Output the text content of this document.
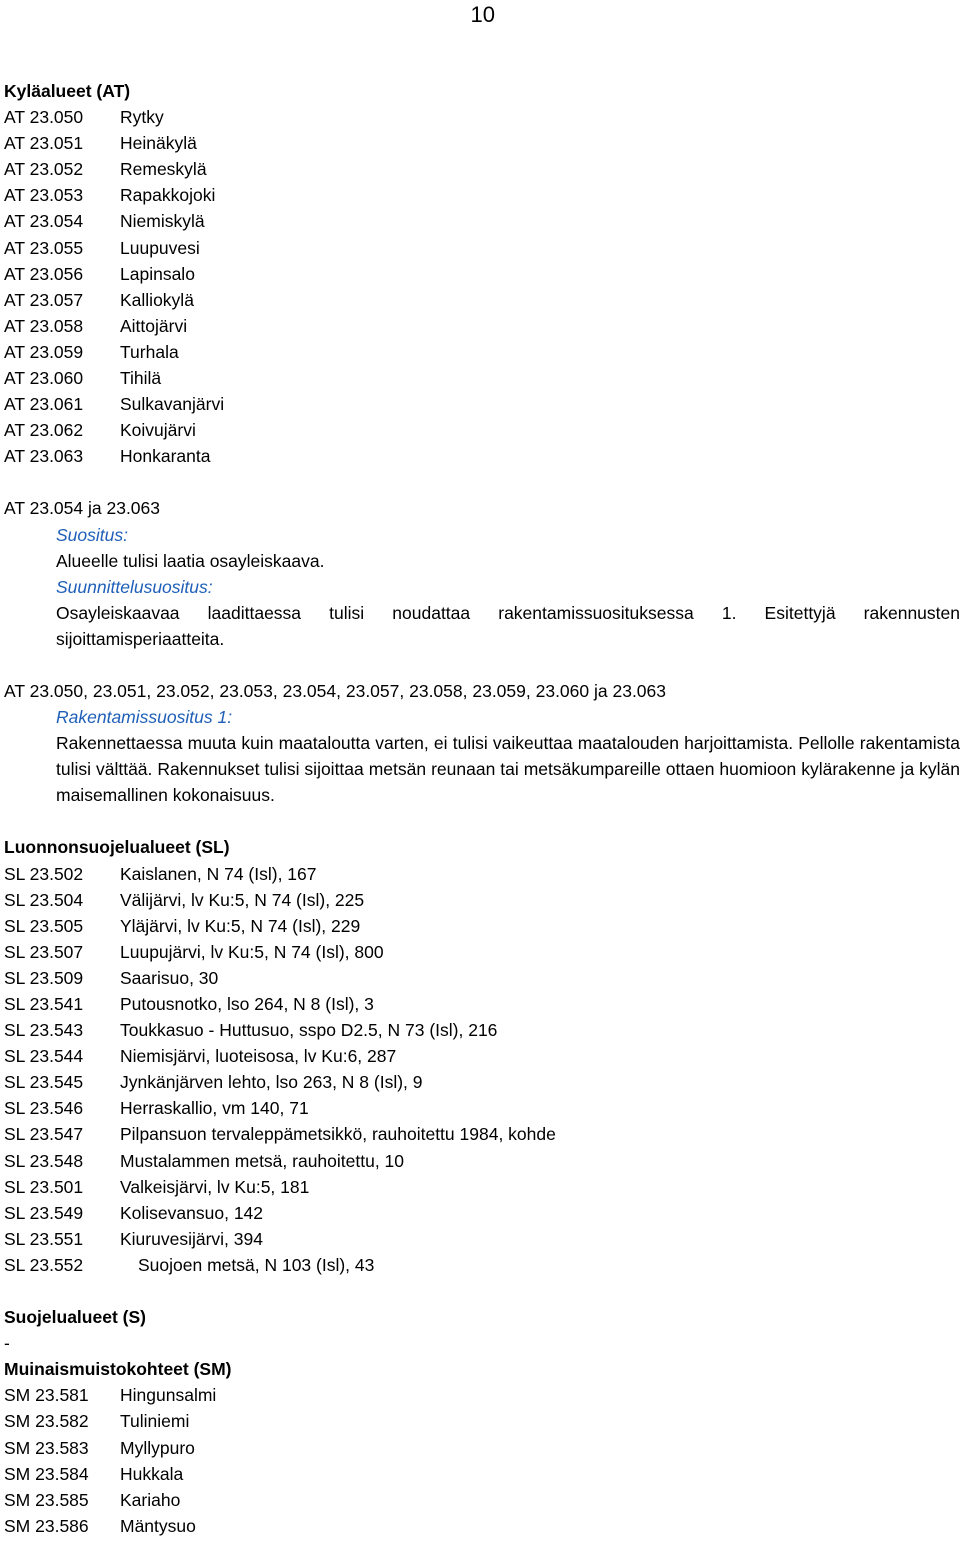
10
Kyläalueet (AT)
AT 23.050	Rytky
AT 23.051	Heinäkylä
AT 23.052	Remeskylä
AT 23.053	Rapakkojoki
AT 23.054	Niemiskylä
AT 23.055	Luupuvesi
AT 23.056	Lapinsalo
AT 23.057	Kalliokylä
AT 23.058	Aittojärvi
AT 23.059	Turhala
AT 23.060	Tihilä
AT 23.061	Sulkavanjärvi
AT 23.062	Koivujärvi
AT 23.063	Honkaranta
AT 23.054 ja 23.063
Suositus:
Alueelle tulisi laatia osayleiskaava.
Suunnittelusuositus:
Osayleiskaavaa laadittaessa tulisi noudattaa rakentamissuosituksessa 1. Esitettyjä rakennusten
sijoittamisperiaatteita.
AT 23.050, 23.051, 23.052, 23.053, 23.054, 23.057, 23.058, 23.059, 23.060 ja 23.063
Rakentamissuositus 1:
Rakennettaessa muuta kuin maataloutta varten, ei tulisi vaikeuttaa maatalouden harjoittamista. Pellolle rakentamista tulisi välttää. Rakennukset tulisi sijoittaa metsän reunaan tai metsäkumpareille ottaen huomioon kylärakenne ja kylän maisemallinen kokonaisuus.
Luonnonsuojelualueet (SL)
SL 23.502	Kaislanen, N 74 (Isl), 167
SL 23.504	Välijärvi, lv Ku:5, N 74 (Isl), 225
SL 23.505	Yläjärvi, lv Ku:5, N 74 (Isl), 229
SL 23.507	Luupujärvi, lv Ku:5, N 74 (Isl), 800
SL 23.509	Saarisuo, 30
SL 23.541	Putousnotko, lso 264, N 8 (Isl), 3
SL 23.543	Toukkasuo - Huttusuo, sspo D2.5, N 73 (Isl), 216
SL 23.544	Niemisjärvi, luoteisosa, lv Ku:6, 287
SL 23.545	Jynkänjärven lehto, lso 263, N 8 (Isl), 9
SL 23.546	Herraskallio, vm 140, 71
SL 23.547	Pilpansuon tervaleppämetsikkö, rauhoitettu 1984, kohde
SL 23.548	Mustalammen metsä, rauhoitettu, 10
SL 23.501	Valkeisjärvi, lv Ku:5, 181
SL 23.549	Kolisevansuo, 142
SL 23.551	Kiuruvesijärvi, 394
SL 23.552	Suojoen metsä, N 103 (Isl), 43
Suojelualueet (S)
-
Muinaismuistokohteet (SM)
SM 23.581	Hingunsalmi
SM 23.582	Tuliniemi
SM 23.583	Myllypuro
SM 23.584	Hukkala
SM 23.585	Kariaho
SM 23.586	Mäntysuo
